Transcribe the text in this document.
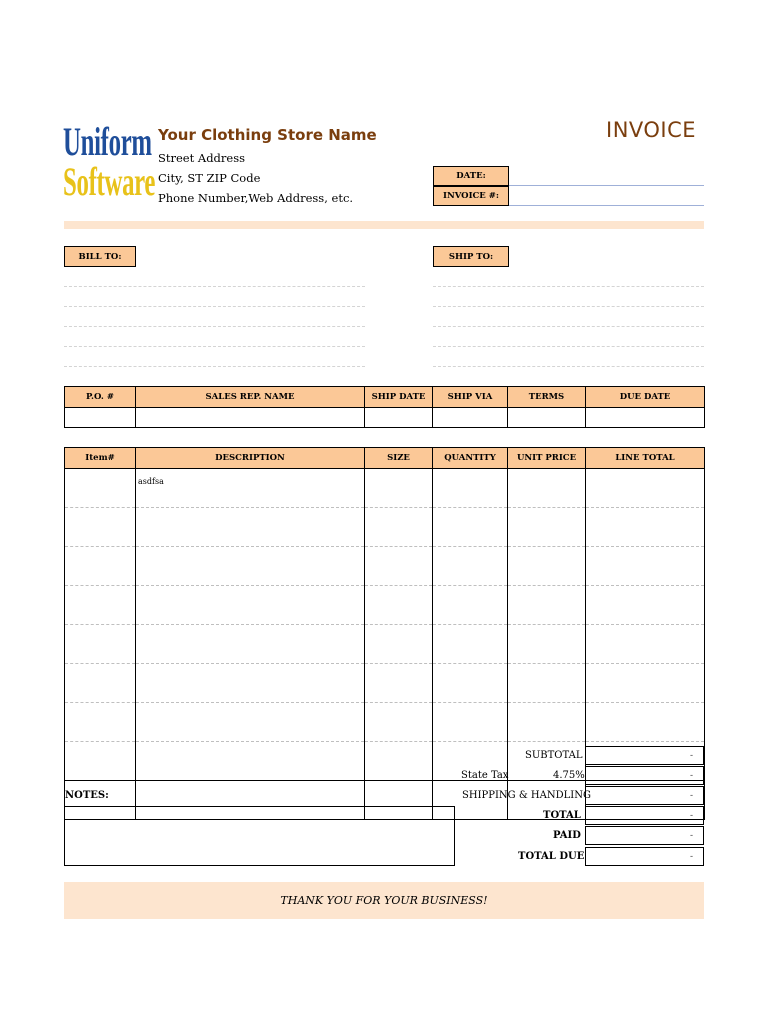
Uniform
Software
Your Clothing Store Name
Street Address
City, ST ZIP Code
Phone Number,Web Address, etc.
INVOICE
DATE:
INVOICE #:
BILL TO:	SHIP TO:
P.O. #	SALES REP. NAME	SHIP DATE	SHIP VIA	TERMS	DUE DATE

Item#	DESCRIPTION	SIZE	QUANTITY	UNIT PRICE	LINE TOTAL
	asdfsa				

SUBTOTAL	-
State Tax	4.75%	-
SHIPPING & HANDLING	-
TOTAL	-
PAID	-
TOTAL DUE	-
NOTES:
THANK YOU FOR YOUR BUSINESS!
